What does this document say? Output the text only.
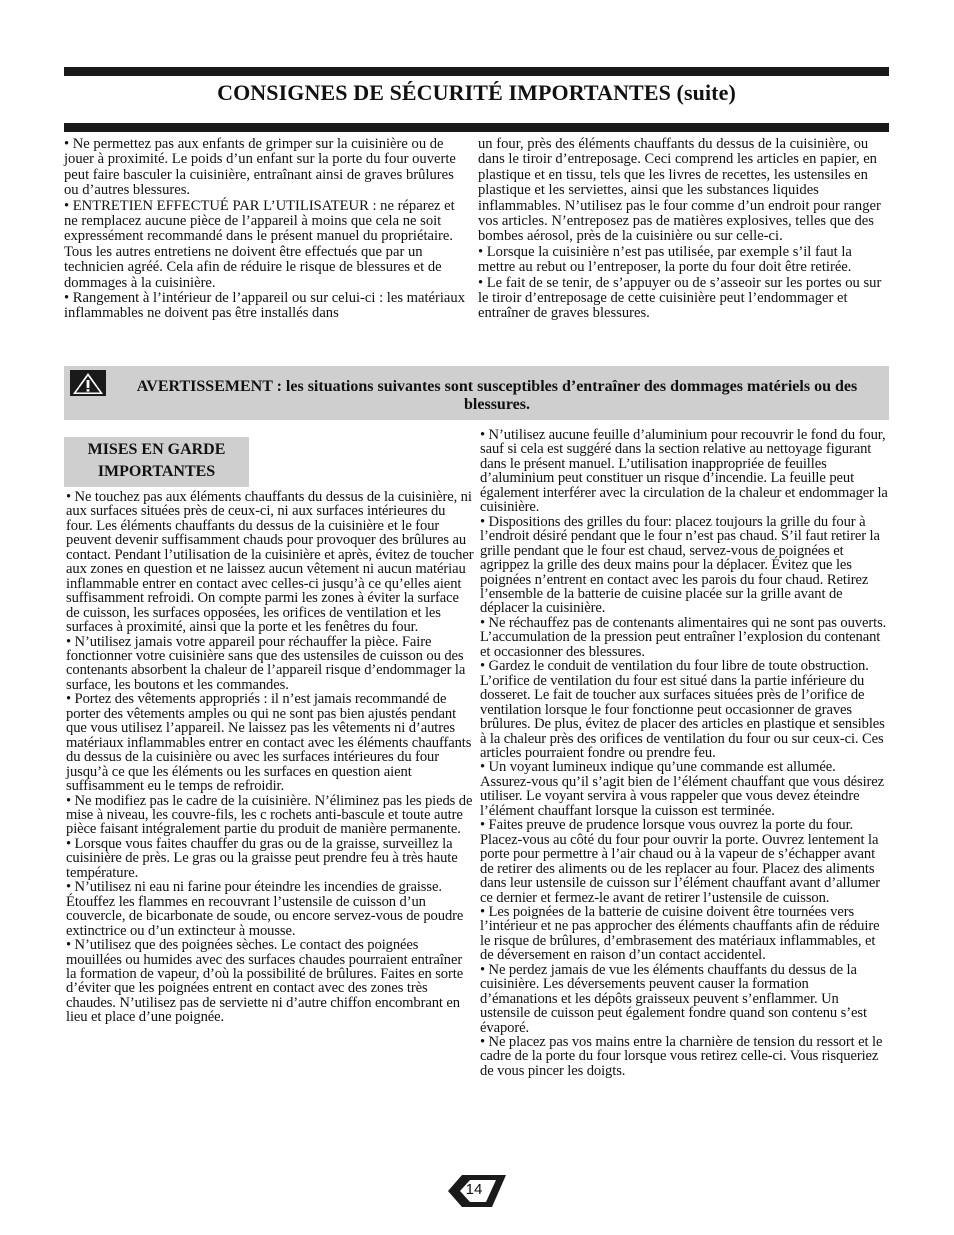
CONSIGNES DE SÉCURITÉ IMPORTANTES (suite)

• Ne permettez pas aux enfants de grimper sur la cuisinière ou de jouer à proximité. Le poids d’un enfant sur la porte du four ouverte peut faire basculer la cuisinière, entraînant ainsi de graves brûlures ou d’autres blessures.

• ENTRETIEN EFFECTUÉ PAR L’UTILISATEUR : ne réparez et ne remplacez aucune pièce de l’appareil à moins que cela ne soit expressément recommandé dans le présent manuel du propriétaire. Tous les autres entretiens ne doivent être effectués que par un technicien agréé. Cela afin de réduire le risque de blessures et de dommages à la cuisinière.

• Rangement à l’intérieur de l’appareil ou sur celui-ci : les matériaux inflammables ne doivent pas être installés dans

un four, près des éléments chauffants du dessus de la cuisinière, ou dans le tiroir d’entreposage. Ceci comprend les articles en papier, en plastique et en tissu, tels que les livres de recettes, les ustensiles en plastique et les serviettes, ainsi que les substances liquides inflammables. N’utilisez pas le four comme d’un endroit pour ranger vos articles. N’entreposez pas de matières explosives, telles que des bombes aérosol, près de la cuisinière ou sur celle-ci.

• Lorsque la cuisinière n’est pas utilisée, par exemple s’il faut la mettre au rebut ou l’entreposer, la porte du four doit être retirée.

• Le fait de se tenir, de s’appuyer ou de s’asseoir sur les portes ou sur le tiroir d’entreposage de cette cuisinière peut l’endommager et entraîner de graves blessures.

AVERTISSEMENT : les situations suivantes sont susceptibles d’entraîner des dommages matériels ou des blessures.
MISES EN GARDE
IMPORTANTES

• Ne touchez pas aux éléments chauffants du dessus de la cuisinière, ni aux surfaces situées près de ceux-ci, ni aux surfaces intérieures du four. Les éléments chauffants du dessus de la cuisinière et le four peuvent devenir suffisamment chauds pour provoquer des brûlures au contact. Pendant l’utilisation de la cuisinière et après, évitez de toucher aux zones en question et ne laissez aucun vêtement ni aucun matériau inflammable entrer en contact avec celles-ci jusqu’à ce qu’elles aient suffisamment refroidi. On compte parmi les zones à éviter la surface de cuisson, les surfaces opposées, les orifices de ventilation et les surfaces à proximité, ainsi que la porte et les fenêtres du four.

• N’utilisez jamais votre appareil pour réchauffer la pièce. Faire fonctionner votre cuisinière sans que des ustensiles de cuisson ou des contenants absorbent la chaleur de l’appareil risque d’endommager la surface, les boutons et les commandes.

• Portez des vêtements appropriés : il n’est jamais recommandé de porter des vêtements amples ou qui ne sont pas bien ajustés pendant que vous utilisez l’appareil. Ne laissez pas les vêtements ni d’autres matériaux inflammables entrer en contact avec les éléments chauffants du dessus de la cuisinière ou avec les surfaces intérieures du four jusqu’à ce que les éléments ou les surfaces en question aient suffisamment eu le temps de refroidir.

• Ne modifiez pas le cadre de la cuisinière. N’éliminez pas les pieds de mise à niveau, les couvre-fils, les c rochets anti-bascule et toute autre pièce faisant intégralement partie du produit de manière permanente.

• Lorsque vous faites chauffer du gras ou de la graisse, surveillez la cuisinière de près. Le gras ou la graisse peut prendre feu à très haute température.

• N’utilisez ni eau ni farine pour éteindre les incendies de graisse. Étouffez les flammes en recouvrant l’ustensile de cuisson d’un couvercle, de bicarbonate de soude, ou encore servez-vous de poudre extinctrice ou d’un extincteur à mousse.

• N’utilisez que des poignées sèches. Le contact des poignées mouillées ou humides avec des surfaces chaudes pourraient entraîner la formation de vapeur, d’où la possibilité de brûlures. Faites en sorte d’éviter que les poignées entrent en contact avec des zones très chaudes. N’utilisez pas de serviette ni d’autre chiffon encombrant en lieu et place d’une poignée.

• N’utilisez aucune feuille d’aluminium pour recouvrir le fond du four, sauf si cela est suggéré dans la section relative au nettoyage figurant dans le présent manuel. L’utilisation inappropriée de feuilles d’aluminium peut constituer un risque d’incendie. La feuille peut également interférer avec la circulation de la chaleur et endommager la cuisinière.

• Dispositions des grilles du four: placez toujours la grille du four à l’endroit désiré pendant que le four n’est pas chaud. S’il faut retirer la grille pendant que le four est chaud, servez-vous de poignées et agrippez la grille des deux mains pour la déplacer. Évitez que les poignées n’entrent en contact avec les parois du four chaud. Retirez l’ensemble de la batterie de cuisine placée sur la grille avant de déplacer la cuisinière.

• Ne réchauffez pas de contenants alimentaires qui ne sont pas ouverts. L’accumulation de la pression peut entraîner l’explosion du contenant et occasionner des blessures.

• Gardez le conduit de ventilation du four libre de toute obstruction. L’orifice de ventilation du four est situé dans la partie inférieure du dosseret. Le fait de toucher aux surfaces situées près de l’orifice de ventilation lorsque le four fonctionne peut occasionner de graves brûlures. De plus, évitez de placer des articles en plastique et sensibles à la chaleur près des orifices de ventilation du four ou sur ceux-ci. Ces articles pourraient fondre ou prendre feu.

• Un voyant lumineux indique qu’une commande est allumée. Assurez-vous qu’il s’agit bien de l’élément chauffant que vous désirez utiliser. Le voyant servira à vous rappeler que vous devez éteindre l’élément chauffant lorsque la cuisson est terminée.

• Faites preuve de prudence lorsque vous ouvrez la porte du four. Placez-vous au côté du four pour ouvrir la porte. Ouvrez lentement la porte pour permettre à l’air chaud ou à la vapeur de s’échapper avant de retirer des aliments ou de les replacer au four. Placez des aliments dans leur ustensile de cuisson sur l’élément chauffant avant d’allumer ce dernier et fermez-le avant de retirer l’ustensile de cuisson.

• Les poignées de la batterie de cuisine doivent être tournées vers l’intérieur et ne pas approcher des éléments chauffants afin de réduire le risque de brûlures, d’embrasement des matériaux inflammables, et de déversement en raison d’un contact accidentel.

• Ne perdez jamais de vue les éléments chauffants du dessus de la cuisinière. Les déversements peuvent causer la formation d’émanations et les dépôts graisseux peuvent s’enflammer. Un ustensile de cuisson peut également fondre quand son contenu s’est évaporé.

• Ne placez pas vos mains entre la charnière de tension du ressort et le cadre de la porte du four lorsque vous retirez celle-ci. Vous risqueriez de vous pincer les doigts.

14
